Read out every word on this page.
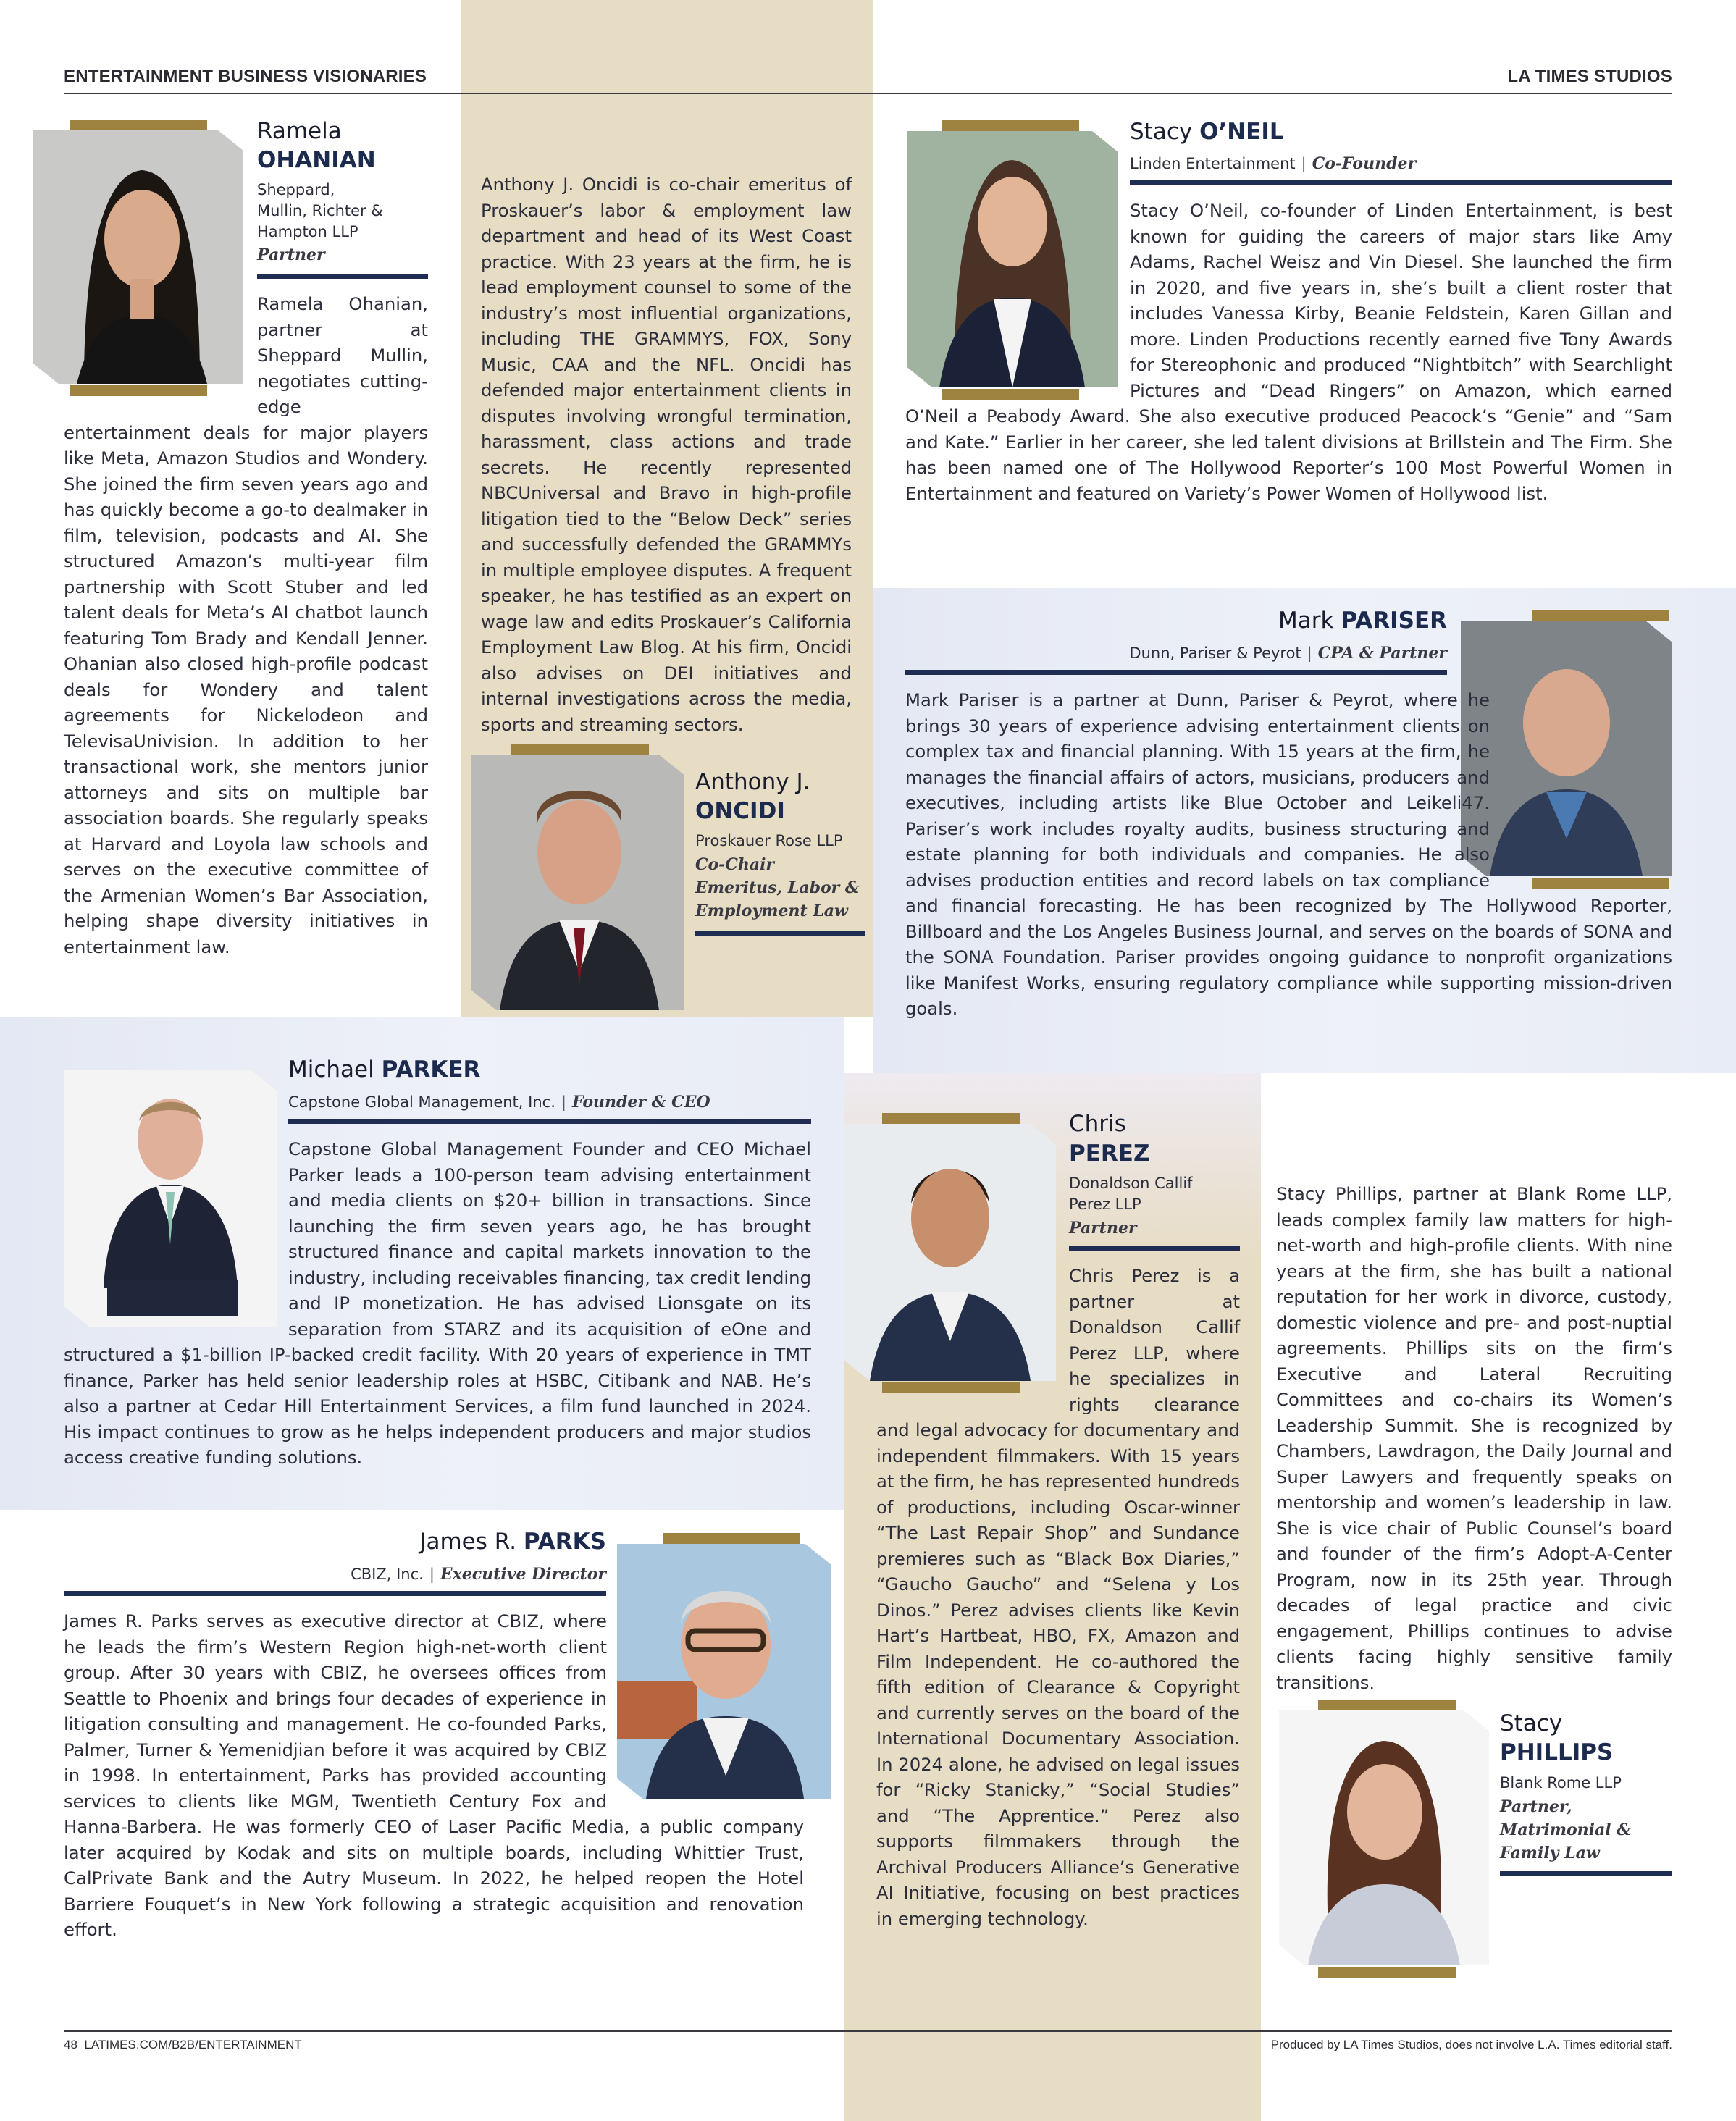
ENTERTAINMENT BUSINESS VISIONARIES	LA TIMES STUDIOS
Ramela
OHANIAN
Sheppard, Mullin, Richter & Hampton LLP
Partner
Ramela Ohanian, partner at Sheppard Mullin, negotiates cutting-edge entertainment deals for major players like Meta, Amazon Studios and Wondery. She joined the firm seven years ago and has quickly become a go-to dealmaker in film, television, podcasts and AI. She structured Amazon’s multi-year film partnership with Scott Stuber and led talent deals for Meta’s AI chatbot launch featuring Tom Brady and Kendall Jenner. Ohanian also closed high-profile podcast deals for Wondery and talent agreements for Nickelodeon and TelevisaUnivision. In addition to her transactional work, she mentors junior attorneys and sits on multiple bar association boards. She regularly speaks at Harvard and Loyola law schools and serves on the executive committee of the Armenian Women’s Bar Association, helping shape diversity initiatives in entertainment law.
Anthony J. Oncidi is co-chair emeritus of Proskauer’s labor & employment law department and head of its West Coast practice. With 23 years at the firm, he is lead employment counsel to some of the industry’s most influential organizations, including THE GRAMMYS, FOX, Sony Music, CAA and the NFL. Oncidi has defended major entertainment clients in disputes involving wrongful termination, harassment, class actions and trade secrets. He recently represented NBCUniversal and Bravo in high-profile litigation tied to the “Below Deck” series and successfully defended the GRAMMYs in multiple employee disputes. A frequent speaker, he has testified as an expert on wage law and edits Proskauer’s California Employment Law Blog. At his firm, Oncidi also advises on DEI initiatives and internal investigations across the media, sports and streaming sectors.
Anthony J.
ONCIDI
Proskauer Rose LLP
Co-Chair Emeritus, Labor & Employment Law
Stacy O’NEIL
Linden Entertainment | Co-Founder
Stacy O’Neil, co-founder of Linden Entertainment, is best known for guiding the careers of major stars like Amy Adams, Rachel Weisz and Vin Diesel. She launched the firm in 2020, and five years in, she’s built a client roster that includes Vanessa Kirby, Beanie Feldstein, Karen Gillan and more. Linden Productions recently earned five Tony Awards for Stereophonic and produced “Nightbitch” with Searchlight Pictures and “Dead Ringers” on Amazon, which earned O’Neil a Peabody Award. She also executive produced Peacock’s “Genie” and “Sam and Kate.” Earlier in her career, she led talent divisions at Brillstein and The Firm. She has been named one of The Hollywood Reporter’s 100 Most Powerful Women in Entertainment and featured on Variety’s Power Women of Hollywood list.
Mark PARISER
Dunn, Pariser & Peyrot | CPA & Partner
Mark Pariser is a partner at Dunn, Pariser & Peyrot, where he brings 30 years of experience advising entertainment clients on complex tax and financial planning. With 15 years at the firm, he manages the financial affairs of actors, musicians, producers and executives, including artists like Blue October and Leikeli47. Pariser’s work includes royalty audits, business structuring and estate planning for both individuals and companies. He also advises production entities and record labels on tax compliance and financial forecasting. He has been recognized by The Hollywood Reporter, Billboard and the Los Angeles Business Journal, and serves on the boards of SONA and the SONA Foundation. Pariser provides ongoing guidance to nonprofit organizations like Manifest Works, ensuring regulatory compliance while supporting mission-driven goals.
Michael PARKER
Capstone Global Management, Inc. | Founder & CEO
Capstone Global Management Founder and CEO Michael Parker leads a 100-person team advising entertainment and media clients on $20+ billion in transactions. Since launching the firm seven years ago, he has brought structured finance and capital markets innovation to the industry, including receivables financing, tax credit lending and IP monetization. He has advised Lionsgate on its separation from STARZ and its acquisition of eOne and structured a $1-billion IP-backed credit facility. With 20 years of experience in TMT finance, Parker has held senior leadership roles at HSBC, Citibank and NAB. He’s also a partner at Cedar Hill Entertainment Services, a film fund launched in 2024. His impact continues to grow as he helps independent producers and major studios access creative funding solutions.
Chris
PEREZ
Donaldson Callif Perez LLP
Partner
Chris Perez is a partner at Donaldson Callif Perez LLP, where he specializes in rights clearance and legal advocacy for documentary and independent filmmakers. With 15 years at the firm, he has represented hundreds of productions, including Oscar-winner “The Last Repair Shop” and Sundance premieres such as “Black Box Diaries,” “Gaucho Gaucho” and “Selena y Los Dinos.” Perez advises clients like Kevin Hart’s Hartbeat, HBO, FX, Amazon and Film Independent. He co-authored the fifth edition of Clearance & Copyright and currently serves on the board of the International Documentary Association. In 2024 alone, he advised on legal issues for “Ricky Stanicky,” “Social Studies” and “The Apprentice.” Perez also supports filmmakers through the Archival Producers Alliance’s Generative AI Initiative, focusing on best practices in emerging technology.
Stacy Phillips, partner at Blank Rome LLP, leads complex family law matters for high-net-worth and high-profile clients. With nine years at the firm, she has built a national reputation for her work in divorce, custody, domestic violence and pre- and post-nuptial agreements. Phillips sits on the firm’s Executive and Lateral Recruiting Committees and co-chairs its Women’s Leadership Summit. She is recognized by Chambers, Lawdragon, the Daily Journal and Super Lawyers and frequently speaks on mentorship and women’s leadership in law. She is vice chair of Public Counsel’s board and founder of the firm’s Adopt-A-Center Program, now in its 25th year. Through decades of legal practice and civic engagement, Phillips continues to advise clients facing highly sensitive family transitions.
Stacy
PHILLIPS
Blank Rome LLP
Partner, Matrimonial & Family Law
James R. PARKS
CBIZ, Inc. | Executive Director
James R. Parks serves as executive director at CBIZ, where he leads the firm’s Western Region high-net-worth client group. After 30 years with CBIZ, he oversees offices from Seattle to Phoenix and brings four decades of experience in litigation consulting and management. He co-founded Parks, Palmer, Turner & Yemenidjian before it was acquired by CBIZ in 1998. In entertainment, Parks has provided accounting services to clients like MGM, Twentieth Century Fox and Hanna-Barbera. He was formerly CEO of Laser Pacific Media, a public company later acquired by Kodak and sits on multiple boards, including Whittier Trust, CalPrivate Bank and the Autry Museum. In 2022, he helped reopen the Hotel Barriere Fouquet’s in New York following a strategic acquisition and renovation effort.
48 LATIMES.COM/B2B/ENTERTAINMENT	Produced by LA Times Studios, does not involve L.A. Times editorial staff.
